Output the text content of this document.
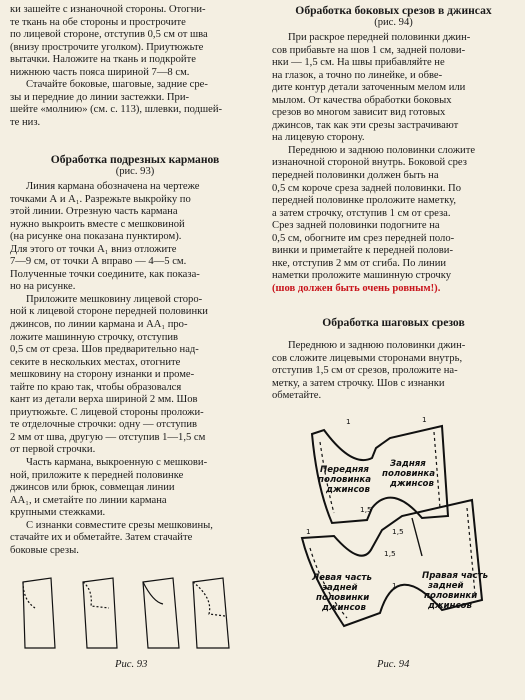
ки зашейте с изнаночной стороны. Отогни-
те ткань на обе стороны и прострочите
по лицевой стороне, отступив 0,5 см от шва
(внизу прострочите уголком). Приутюжьте
вытачки. Наложите на ткань и подкройте
нижнюю часть пояса шириной 7—8 см.

Стачайте боковые, шаговые, задние сре-
зы и передние до линии застежки. При-
шейте «молнию» (см. с. 113), шлевки, подшей-
те низ.

Обработка подрезных карманов
(рис. 93)

Линия кармана обозначена на чертеже
точками А и А₁. Разрежьте выкройку по
этой линии. Отрезную часть кармана
нужно выкроить вместе с мешковиной
(на рисунке она показана пунктиром).
Для этого от точки А₁ вниз отложите
7—9 см, от точки А вправо — 4—5 см.
Полученные точки соедините, как показа-
но на рисунке.

Приложите мешковину лицевой сторо-
ной к лицевой стороне передней половинки
джинсов, по линии кармана и АА₁ про-
ложите машинную строчку, отступив
0,5 см от среза. Шов предварительно над-
секите в нескольких местах, отогните
мешковину на сторону изнанки и проме-
тайте по краю так, чтобы образовался
кант из детали верха шириной 2 мм. Шов
приутюжьте. С лицевой стороны проложи-
те отделочные строчки: одну — отступив
2 мм от шва, другую — отступив 1—1,5 см
от первой строчки.

Часть кармана, выкроенную с мешкови-
ной, приложите к передней половинке
джинсов или брюк, совмещая линии
АА₁, и сметайте по линии кармана
крупными стежками.

С изнанки совместите срезы мешковины,
стачайте их и обметайте. Затем стачайте
боковые срезы.

Рис. 93
Обработка боковых срезов в джинсах
(рис. 94)

При раскрое передней половинки джин-
сов прибавьте на шов 1 см, задней полови-
нки — 1,5 см. На швы прибавляйте не
на глазок, а точно по линейке, и обве-
дите контур детали заточенным мелом или
мылом. От качества обработки боковых
срезов во многом зависит вид готовых
джинсов, так как эти срезы застрачивают
на лицевую сторону.

Переднюю и заднюю половинки сложите
изнаночной стороной внутрь. Боковой срез
передней половинки должен быть на
0,5 см короче среза задней половинки. По
передней половинке проложите наметку,
а затем строчку, отступив 1 см от среза.
Срез задней половинки подогните на
0,5 см, обогните им срез передней поло-
винки и приметайте к передней полови-
нке, отступив 2 мм от сгиба. По линии
наметки проложите машинную строчку

(шов должен быть очень ровным!).

Обработка шаговых срезов

Переднюю и заднюю половинки джин-
сов сложите лицевыми сторонами внутрь,
отступив 1,5 см от срезов, проложите на-
метку, а затем строчку. Шов с изнанки
обметайте.

Передняя
половинка
джинсов
Задняя
половинка
джинсов
Левая часть
задней
половинки
джинсов
Правая часть
задней
половинки
джинсов
1	1
1,5
1,5
1
1,5
1
Рис. 94
